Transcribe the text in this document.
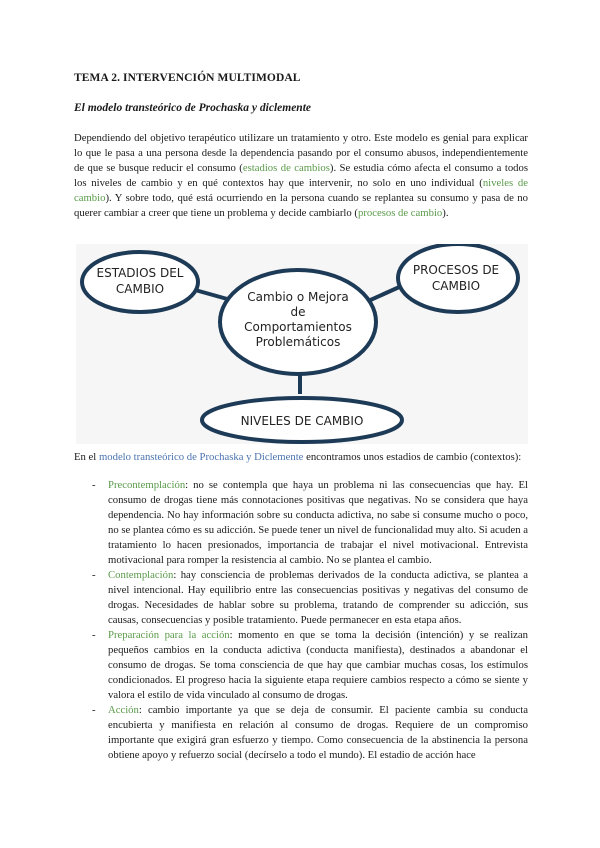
TEMA 2. INTERVENCIÓN MULTIMODAL
El modelo transteórico de Prochaska y diclemente
Dependiendo del objetivo terapéutico utilizare un tratamiento y otro. Este modelo es genial para explicar lo que le pasa a una persona desde la dependencia pasando por el consumo abusos, independientemente de que se busque reducir el consumo (estadios de cambios). Se estudia cómo afecta el consumo a todos los niveles de cambio y en qué contextos hay que intervenir, no solo en uno individual (niveles de cambio). Y sobre todo, qué está ocurriendo en la persona cuando se replantea su consumo y pasa de no querer cambiar a creer que tiene un problema y decide cambiarlo (procesos de cambio).
ESTADIOS DEL
CAMBIO
PROCESOS DE
CAMBIO
Cambio o Mejora
de
Comportamientos
Problemáticos
NIVELES DE CAMBIO
En el modelo transteórico de Prochaska y Diclemente encontramos unos estadios de cambio (contextos):
- Precontemplación: no se contempla que haya un problema ni las consecuencias que hay. El consumo de drogas tiene más connotaciones positivas que negativas. No se considera que haya dependencia. No hay información sobre su conducta adictiva, no sabe si consume mucho o poco, no se plantea cómo es su adicción. Se puede tener un nivel de funcionalidad muy alto. Si acuden a tratamiento lo hacen presionados, importancia de trabajar el nivel motivacional. Entrevista motivacional para romper la resistencia al cambio. No se plantea el cambio.
- Contemplación: hay consciencia de problemas derivados de la conducta adictiva, se plantea a nivel intencional. Hay equilibrio entre las consecuencias positivas y negativas del consumo de drogas. Necesidades de hablar sobre su problema, tratando de comprender su adicción, sus causas, consecuencias y posible tratamiento. Puede permanecer en esta etapa años.
- Preparación para la acción: momento en que se toma la decisión (intención) y se realizan pequeños cambios en la conducta adictiva (conducta manifiesta), destinados a abandonar el consumo de drogas. Se toma consciencia de que hay que cambiar muchas cosas, los estímulos condicionados. El progreso hacia la siguiente etapa requiere cambios respecto a cómo se siente y valora el estilo de vida vinculado al consumo de drogas.
- Acción: cambio importante ya que se deja de consumir. El paciente cambia su conducta encubierta y manifiesta en relación al consumo de drogas. Requiere de un compromiso importante que exigirá gran esfuerzo y tiempo. Como consecuencia de la abstinencia la persona obtiene apoyo y refuerzo social (decírselo a todo el mundo). El estadio de acción hace
